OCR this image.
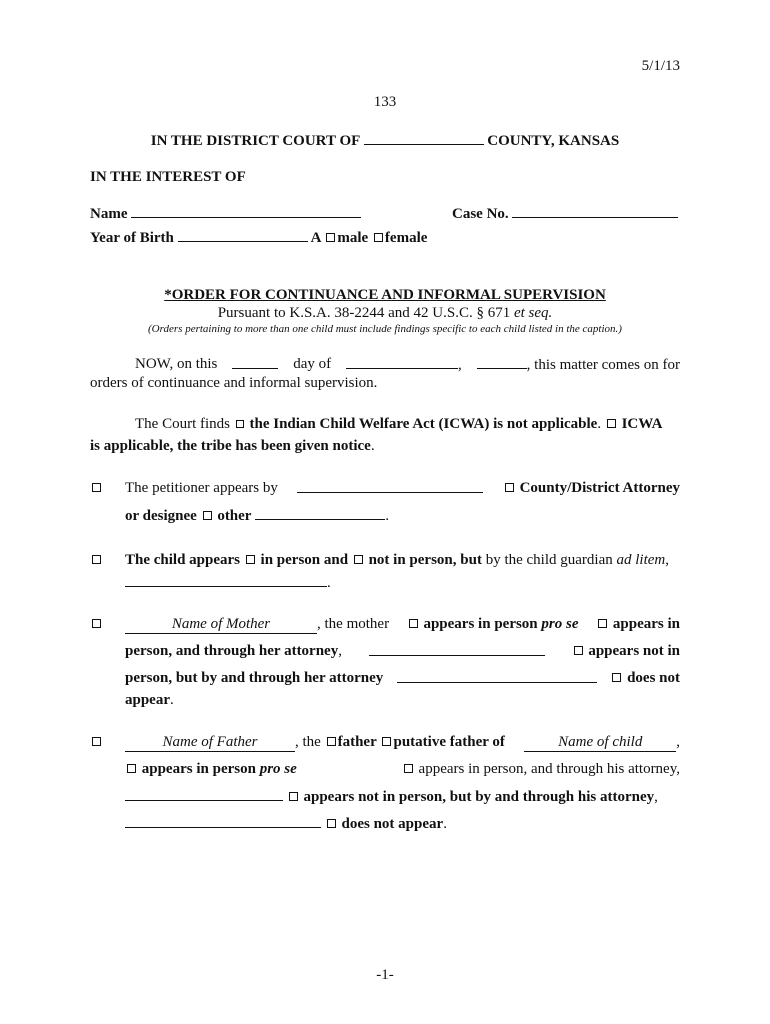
5/1/13
133
IN THE DISTRICT COURT OF	COUNTY, KANSAS
IN THE INTEREST OF
Name	Case No.
Year of Birth	A male female
*ORDER FOR CONTINUANCE AND INFORMAL SUPERVISION
Pursuant to K.S.A. 38-2244 and 42 U.S.C. § 671 et seq.
(Orders pertaining to more than one child must include findings specific to each child listed in the caption.)
NOW, on this	day of	,	, this matter comes on for
orders of continuance and informal supervision.
The Court finds the Indian Child Welfare Act (ICWA) is not applicable. ICWA
is applicable, the tribe has been given notice.
The petitioner appears by	County/District Attorney
or designee other	.
The child appears in person and not in person, but by the child guardian ad litem,
.
Name of Mother	, the mother	appears in person pro se	appears in
person, and through her attorney,	appears not in
person, but by and through her attorney	does not
appear.
Name of Father	, the father putative father of	Name of child ,
appears in person pro se	appears in person, and through his attorney,
appears not in person, but by and through his attorney,
does not appear.
-1-
